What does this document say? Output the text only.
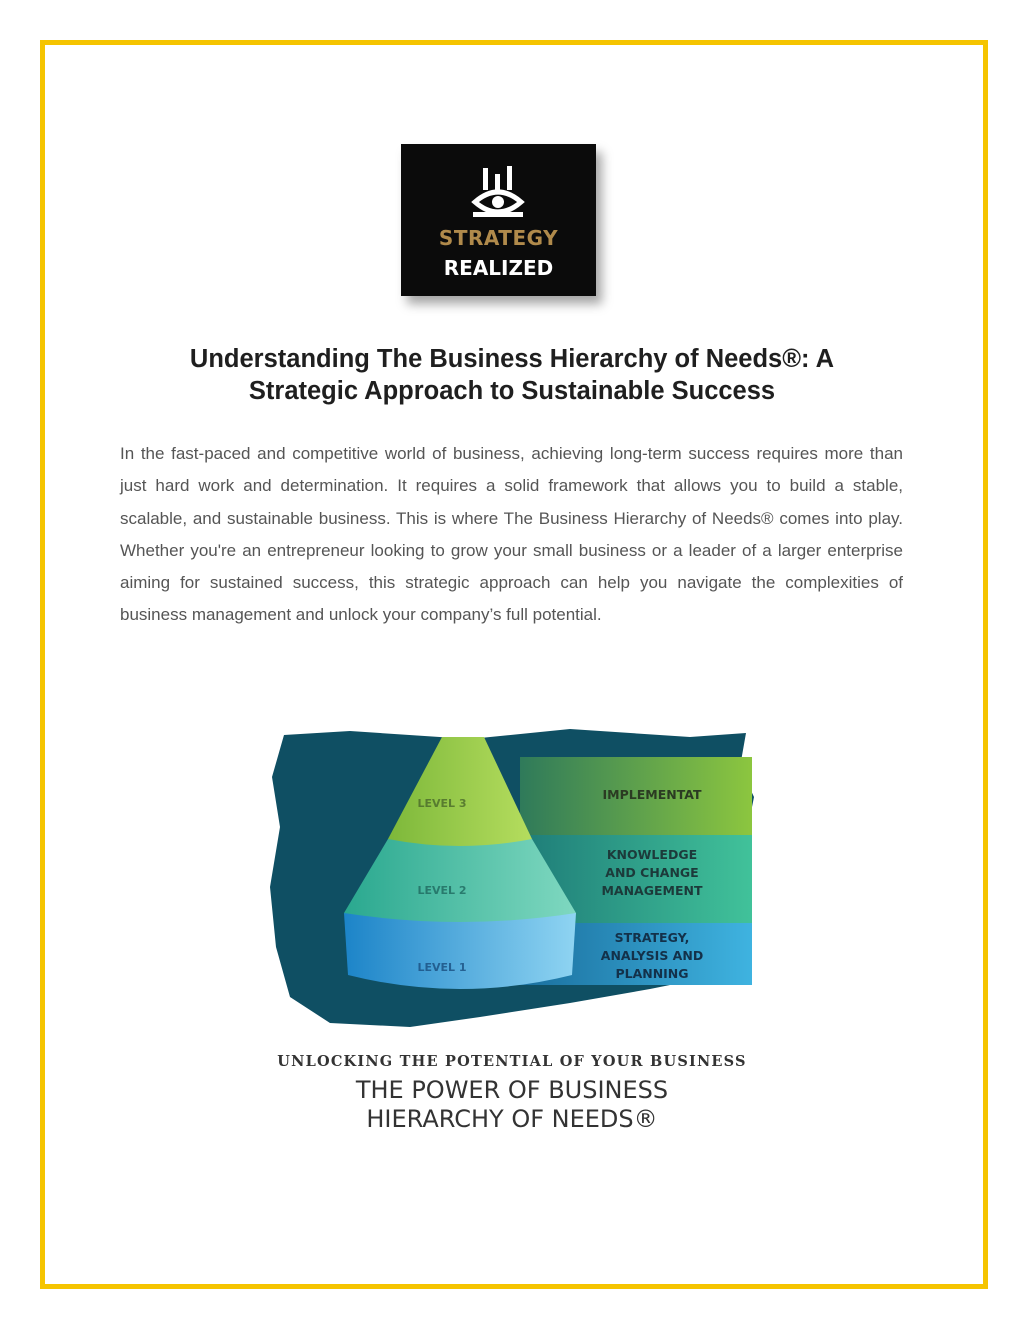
STRATEGY
REALIZED
Understanding The Business Hierarchy of Needs®: A
Strategic Approach to Sustainable Success

In the fast-paced and competitive world of business, achieving long-term success requires more than just hard work and determination. It requires a solid framework that allows you to build a stable, scalable, and sustainable business. This is where The Business Hierarchy of Needs® comes into play. Whether you're an entrepreneur looking to grow your small business or a leader of a larger enterprise aiming for sustained success, this strategic approach can help you navigate the complexities of business management and unlock your company’s full potential.

LEVEL 3
LEVEL 2
LEVEL 1
IMPLEMENTAT
KNOWLEDGE
AND CHANGE
MANAGEMENT
STRATEGY,
ANALYSIS AND
PLANNING
UNLOCKING THE POTENTIAL OF YOUR BUSINESS
THE POWER OF BUSINESS
HIERARCHY OF NEEDS®
